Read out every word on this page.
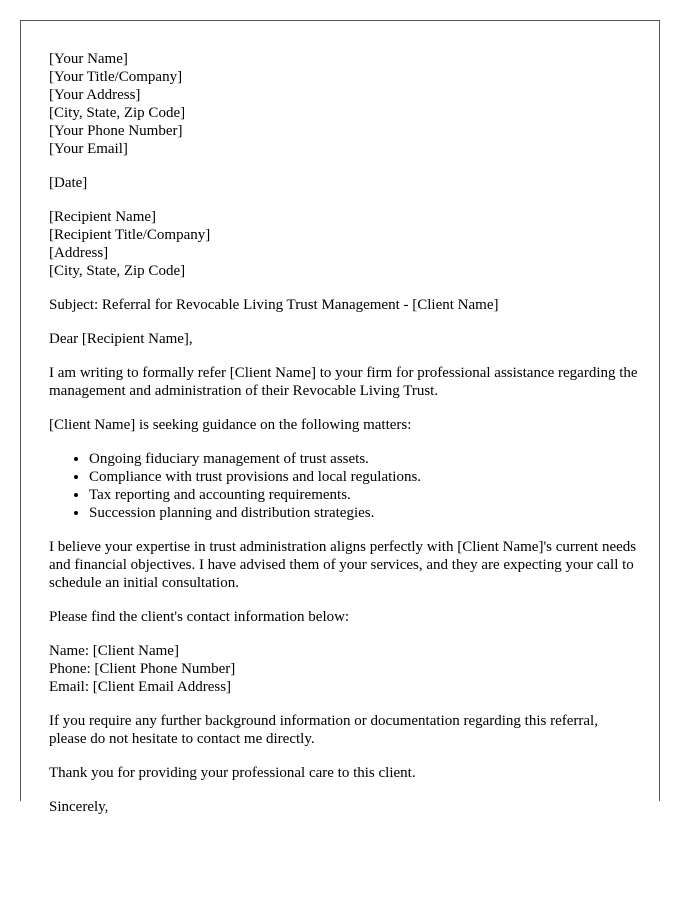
[Your Name]
[Your Title/Company]
[Your Address]
[City, State, Zip Code]
[Your Phone Number]
[Your Email]
[Date]
[Recipient Name]
[Recipient Title/Company]
[Address]
[City, State, Zip Code]

Subject: Referral for Revocable Living Trust Management - [Client Name]

Dear [Recipient Name],

I am writing to formally refer [Client Name] to your firm for professional assistance regarding the management and administration of their Revocable Living Trust.

[Client Name] is seeking guidance on the following matters:

• Ongoing fiduciary management of trust assets.
• Compliance with trust provisions and local regulations.
• Tax reporting and accounting requirements.
• Succession planning and distribution strategies.

I believe your expertise in trust administration aligns perfectly with [Client Name]'s current needs and financial objectives. I have advised them of your services, and they are expecting your call to schedule an initial consultation.

Please find the client's contact information below:

Name: [Client Name]
Phone: [Client Phone Number]
Email: [Client Email Address]

If you require any further background information or documentation regarding this referral, please do not hesitate to contact me directly.

Thank you for providing your professional care to this client.

Sincerely,
